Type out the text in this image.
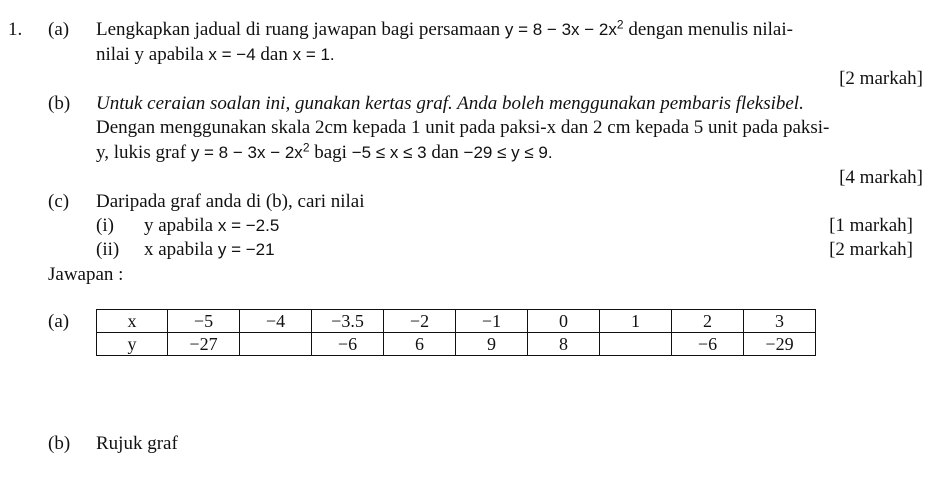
1. (a) Lengkapkan jadual di ruang jawapan bagi persamaan $y = 8 - 3x - 2x^2$ dengan menulis nilai-
nilai y apabila x = −4 dan x = 1.
[2 markah]
(b) Untuk ceraian soalan ini, gunakan kertas graf. Anda boleh menggunakan pembaris fleksibel.
Dengan menggunakan skala 2cm kepada 1 unit pada paksi-x dan 2 cm kepada 5 unit pada paksi-
y, lukis graf $y = 8 - 3x - 2x^2$ bagi −5 ≤ x ≤ 3 dan −29 ≤ y ≤ 9.
[4 markah]
(c) Daripada graf anda di (b), cari nilai
(i) y apabila x = −2.5	[1 markah]
(ii) x apabila y = −21	[2 markah]
Jawapan :
(a)	x	−5	−4	−3.5	−2	−1	0	1	2	3
y	−27		−6	6	9	8		−6	−29
(b) Rujuk graf
